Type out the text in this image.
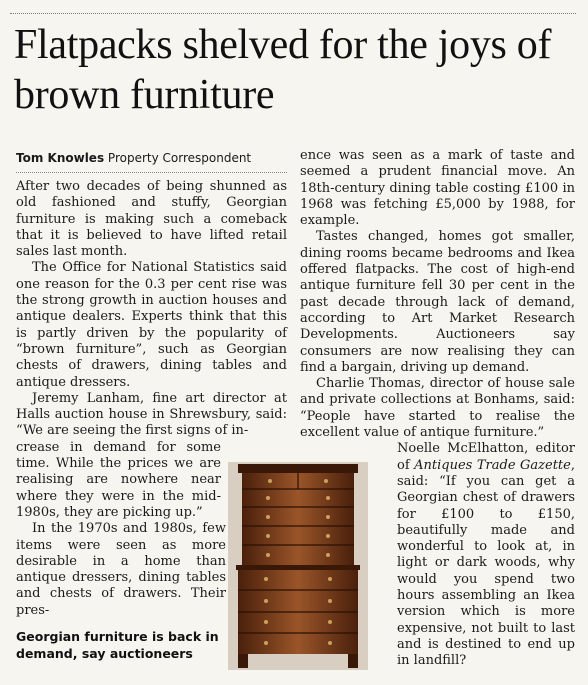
Flatpacks shelved for the joys of brown furniture
Tom Knowles Property Correspondent

After two decades of being shunned as old fashioned and stuffy, Georgian furniture is making such a comeback that it is believed to have lifted retail sales last month.

The Office for National Statistics said one reason for the 0.3 per cent rise was the strong growth in auction houses and antique dealers. Experts think that this is partly driven by the popularity of “brown furniture”, such as Georgian chests of drawers, dining tables and antique dressers.

Jeremy Lanham, fine art director at Halls auction house in Shrewsbury, said: “We are seeing the first signs of in-

crease in demand for some time. While the prices we are realising are nowhere near where they were in the mid-1980s, they are picking up.”

In the 1970s and 1980s, few items were seen as more desirable in a home than antique dressers, dining tables and chests of drawers. Their pres-

ence was seen as a mark of taste and seemed a prudent financial move. An 18th-century dining table costing £100 in 1968 was fetching £5,000 by 1988, for example.

Tastes changed, homes got smaller, dining rooms became bedrooms and Ikea offered flatpacks. The cost of high-end antique furniture fell 30 per cent in the past decade through lack of demand, according to Art Market Research Developments. Auctioneers say consumers are now realising they can find a bargain, driving up demand.

Charlie Thomas, director of house sale and private collections at Bonhams, said: “People have started to realise the excellent value of antique furniture.”

Noelle McElhatton, editor of Antiques Trade Gazette, said: “If you can get a Georgian chest of drawers for £100 to £150, beautifully made and wonderful to look at, in light or dark woods, why would you spend two hours assembling an Ikea version which is more expensive, not built to last and is destined to end up in landfill?

Georgian furniture is back in demand, say auctioneers
